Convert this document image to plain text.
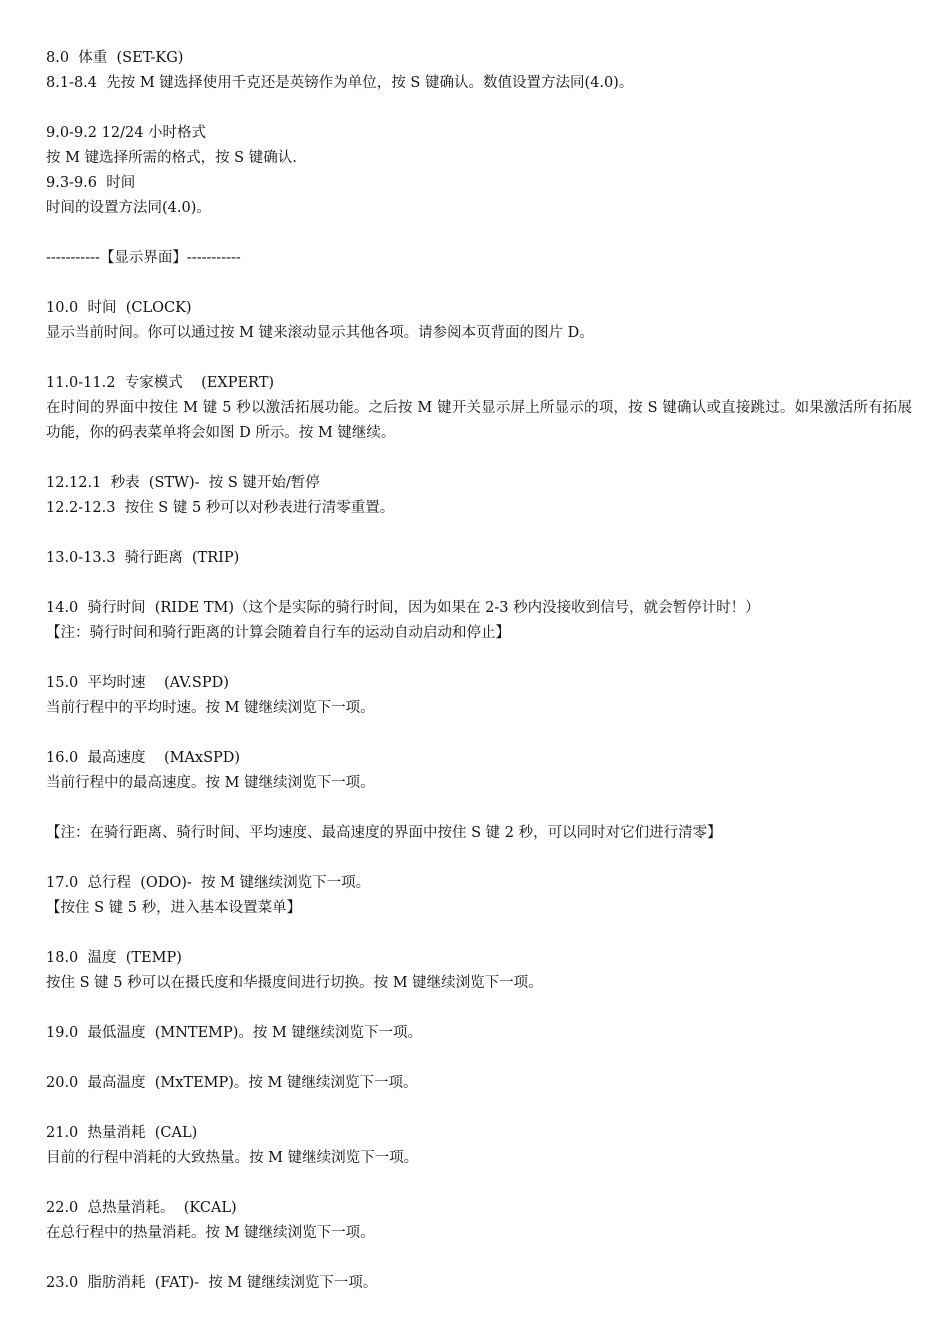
8.0  体重  (SET-KG)
8.1-8.4  先按 M 键选择使用千克还是英镑作为单位，按 S 键确认。数值设置方法同(4.0)。
9.0-9.2 12/24 小时格式
按 M 键选择所需的格式，按 S 键确认.
9.3-9.6  时间
时间的设置方法同(4.0)。
-----------【显示界面】-----------
10.0  时间  (CLOCK)
显示当前时间。你可以通过按 M 键来滚动显示其他各项。请参阅本页背面的图片 D。
11.0-11.2  专家模式    (EXPERT)
在时间的界面中按住 M 键 5 秒以激活拓展功能。之后按 M 键开关显示屏上所显示的项，按 S 键确认或直接跳过。如果激活所有拓展功能，你的码表菜单将会如图 D 所示。按 M 键继续。
12.12.1  秒表  (STW)-  按 S 键开始/暂停
12.2-12.3  按住 S 键 5 秒可以对秒表进行清零重置。
13.0-13.3  骑行距离  (TRIP)
14.0  骑行时间  (RIDE TM)（这个是实际的骑行时间，因为如果在 2-3 秒内没接收到信号，就会暂停计时！）
【注：骑行时间和骑行距离的计算会随着自行车的运动自动启动和停止】
15.0  平均时速    (AV.SPD)
当前行程中的平均时速。按 M 键继续浏览下一项。
16.0  最高速度    (MAxSPD)
当前行程中的最高速度。按 M 键继续浏览下一项。
【注：在骑行距离、骑行时间、平均速度、最高速度的界面中按住 S 键 2 秒，可以同时对它们进行清零】
17.0  总行程  (ODO)-  按 M 键继续浏览下一项。
【按住 S 键 5 秒，进入基本设置菜单】
18.0  温度  (TEMP)
按住 S 键 5 秒可以在摄氏度和华摄度间进行切换。按 M 键继续浏览下一项。
19.0  最低温度  (MNTEMP)。按 M 键继续浏览下一项。
20.0  最高温度  (MxTEMP)。按 M 键继续浏览下一项。
21.0  热量消耗  (CAL)
目前的行程中消耗的大致热量。按 M 键继续浏览下一项。
22.0  总热量消耗。  (KCAL)
在总行程中的热量消耗。按 M 键继续浏览下一项。
23.0  脂肪消耗  (FAT)-  按 M 键继续浏览下一项。
